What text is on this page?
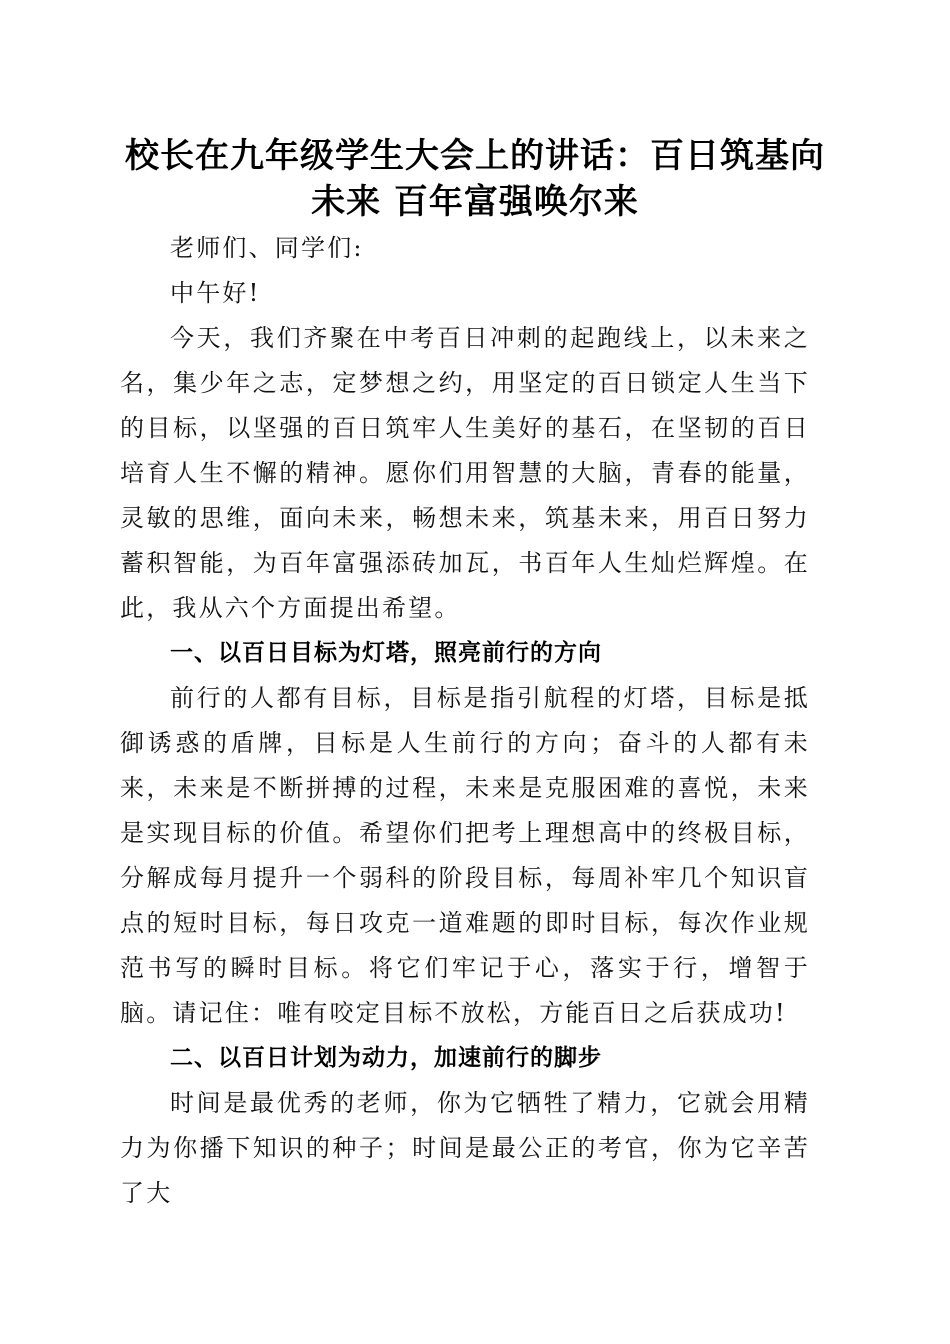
校长在九年级学生大会上的讲话：百日筑基向
未来 百年富强唤尔来

老师们、同学们:

中午好!

今天，我们齐聚在中考百日冲刺的起跑线上，以未来之名，集少年之志，定梦想之约，用坚定的百日锁定人生当下的目标，以坚强的百日筑牢人生美好的基石，在坚韧的百日培育人生不懈的精神。愿你们用智慧的大脑，青春的能量，灵敏的思维，面向未来，畅想未来，筑基未来，用百日努力蓄积智能，为百年富强添砖加瓦，书百年人生灿烂辉煌。在此，我从六个方面提出希望。

一、以百日目标为灯塔，照亮前行的方向

前行的人都有目标，目标是指引航程的灯塔，目标是抵御诱惑的盾牌，目标是人生前行的方向；奋斗的人都有未来，未来是不断拼搏的过程，未来是克服困难的喜悦，未来是实现目标的价值。希望你们把考上理想高中的终极目标，分解成每月提升一个弱科的阶段目标，每周补牢几个知识盲点的短时目标，每日攻克一道难题的即时目标，每次作业规范书写的瞬时目标。将它们牢记于心，落实于行，增智于脑。请记住：唯有咬定目标不放松，方能百日之后获成功!

二、以百日计划为动力，加速前行的脚步

时间是最优秀的老师，你为它牺牲了精力，它就会用精力为你播下知识的种子；时间是最公正的考官，你为它辛苦了大
